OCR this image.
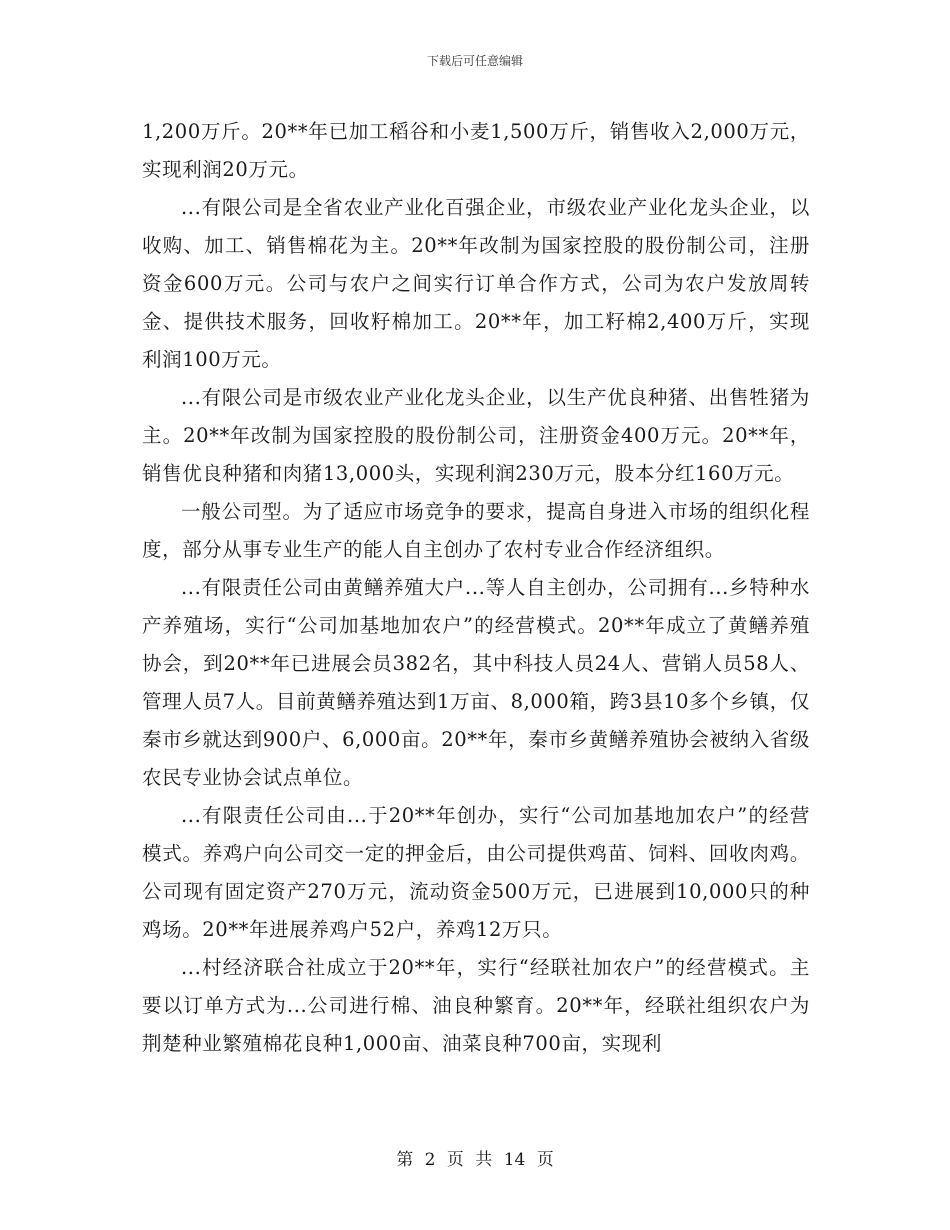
下载后可任意编辑

1,200万斤。20**年已加工稻谷和小麦1,500万斤，销售收入2,000万元，实现利润20万元。

...有限公司是全省农业产业化百强企业，市级农业产业化龙头企业，以收购、加工、销售棉花为主。20**年改制为国家控股的股份制公司，注册资金600万元。公司与农户之间实行订单合作方式，公司为农户发放周转金、提供技术服务，回收籽棉加工。20**年，加工籽棉2,400万斤，实现利润100万元。

...有限公司是市级农业产业化龙头企业，以生产优良种猪、出售牲猪为主。20**年改制为国家控股的股份制公司，注册资金400万元。20**年，销售优良种猪和肉猪13,000头，实现利润230万元，股本分红160万元。

一般公司型。为了适应市场竞争的要求，提高自身进入市场的组织化程度，部分从事专业生产的能人自主创办了农村专业合作经济组织。

...有限责任公司由黄鳝养殖大户...等人自主创办，公司拥有...乡特种水产养殖场，实行“公司加基地加农户”的经营模式。20**年成立了黄鳝养殖协会，到20**年已进展会员382名，其中科技人员24人、营销人员58人、管理人员7人。目前黄鳝养殖达到1万亩、8,000箱，跨3县10多个乡镇，仅秦市乡就达到900户、6,000亩。20**年，秦市乡黄鳝养殖协会被纳入省级农民专业协会试点单位。

...有限责任公司由...于20**年创办，实行“公司加基地加农户”的经营模式。养鸡户向公司交一定的押金后，由公司提供鸡苗、饲料、回收肉鸡。公司现有固定资产270万元，流动资金500万元，已进展到10,000只的种鸡场。20**年进展养鸡户52户，养鸡12万只。

...村经济联合社成立于20**年，实行“经联社加农户”的经营模式。主要以订单方式为...公司进行棉、油良种繁育。20**年，经联社组织农户为荆楚种业繁殖棉花良种1,000亩、油菜良种700亩，实现利

第 2 页 共 14 页
